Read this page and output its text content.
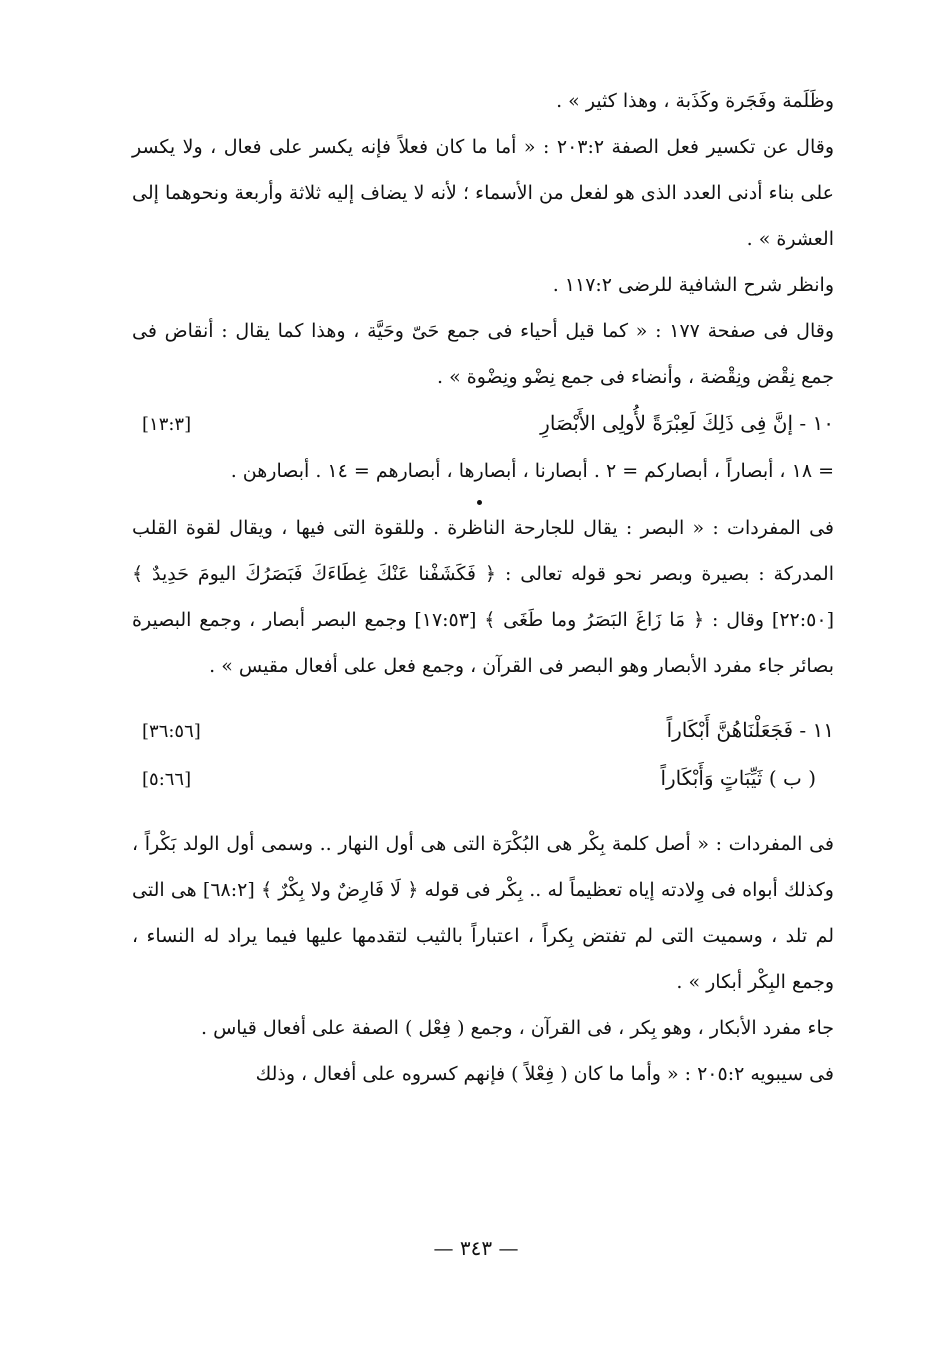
وظَلَمة وفَجَرة وكَذَبة ، وهذا كثير » .

وقال عن تكسير فعل الصفة ٢٠٣:٢ : « أما ما كان فعلاً فإنه يكسر على فعال ، ولا يكسر على بناء أدنى العدد الذى هو لفعل من الأسماء ؛ لأنه لا يضاف إليه ثلاثة وأربعة ونحوهما إلى العشرة » .

وانظر شرح الشافية للرضى ١١٧:٢ .

وقال فى صفحة ١٧٧ : « كما قيل أحياء فى جمع حَىّ وحَيَّة ، وهذا كما يقال : أنقاض فى جمع نِقْض ونِقْضة ، وأنضاء فى جمع نِضْو ونِضْوة » .

١٠ - إنَّ فِى ذَلِكَ لَعِبْرَةً لأُولِى الأَبْصَارِ
[١٣:٣]

= ١٨ ، أبصاراً ، أبصاركم = ٢ . أبصارنا ، أبصارها ، أبصارهم = ١٤ . أبصارهن .

فى المفردات : « البصر : يقال للجارحة الناظرة . وللقوة التى فيها ، ويقال لقوة القلب المدركة : بصيرة وبصر نحو قوله تعالى : ﴿ فَكَشَفْنا عَنْكَ غِطَاءَكَ فَبَصَرُكَ اليومَ حَدِيدٌ ﴾ [٢٢:٥٠] وقال : ﴿ مَا زَاغَ البَصَرُ وما طَغَى ﴾ [١٧:٥٣] وجمع البصر أبصار ، وجمع البصيرة بصائر جاء مفرد الأبصار وهو البصر فى القرآن ، وجمع فعل على أفعال مقيس » .

١١ - فَجَعَلْنَاهُنَّ أَبْكَاراً
[٣٦:٥٦]
( ب ) ثَيِّبَاتٍ وَأَبْكَاراً
[٥:٦٦]

فى المفردات : « أصل كلمة بِكْر هى البُكْرَة التى هى أول النهار .. وسمى أول الولد بَكْراً ، وكذلك أبواه فى وِلادته إياه تعظيماً له .. بِكْر فى قوله ﴿ لَا فَارِضٌ ولا بِكْرٌ ﴾ [٦٨:٢] هى التى لم تلد ، وسميت التى لم تفتض بِكراً ، اعتباراً بالثيب لتقدمها عليها فيما يراد له النساء ، وجمع البِكْر أبكار » .

جاء مفرد الأبكار ، وهو بِكر ، فى القرآن ، وجمع ( فِعْل ) الصفة على أفعال قياس .

فى سيبويه ٢٠٥:٢ : « وأما ما كان ( فِعْلاً ) فإنهم كسروه على أفعال ، وذلك

— ٣٤٣ —
